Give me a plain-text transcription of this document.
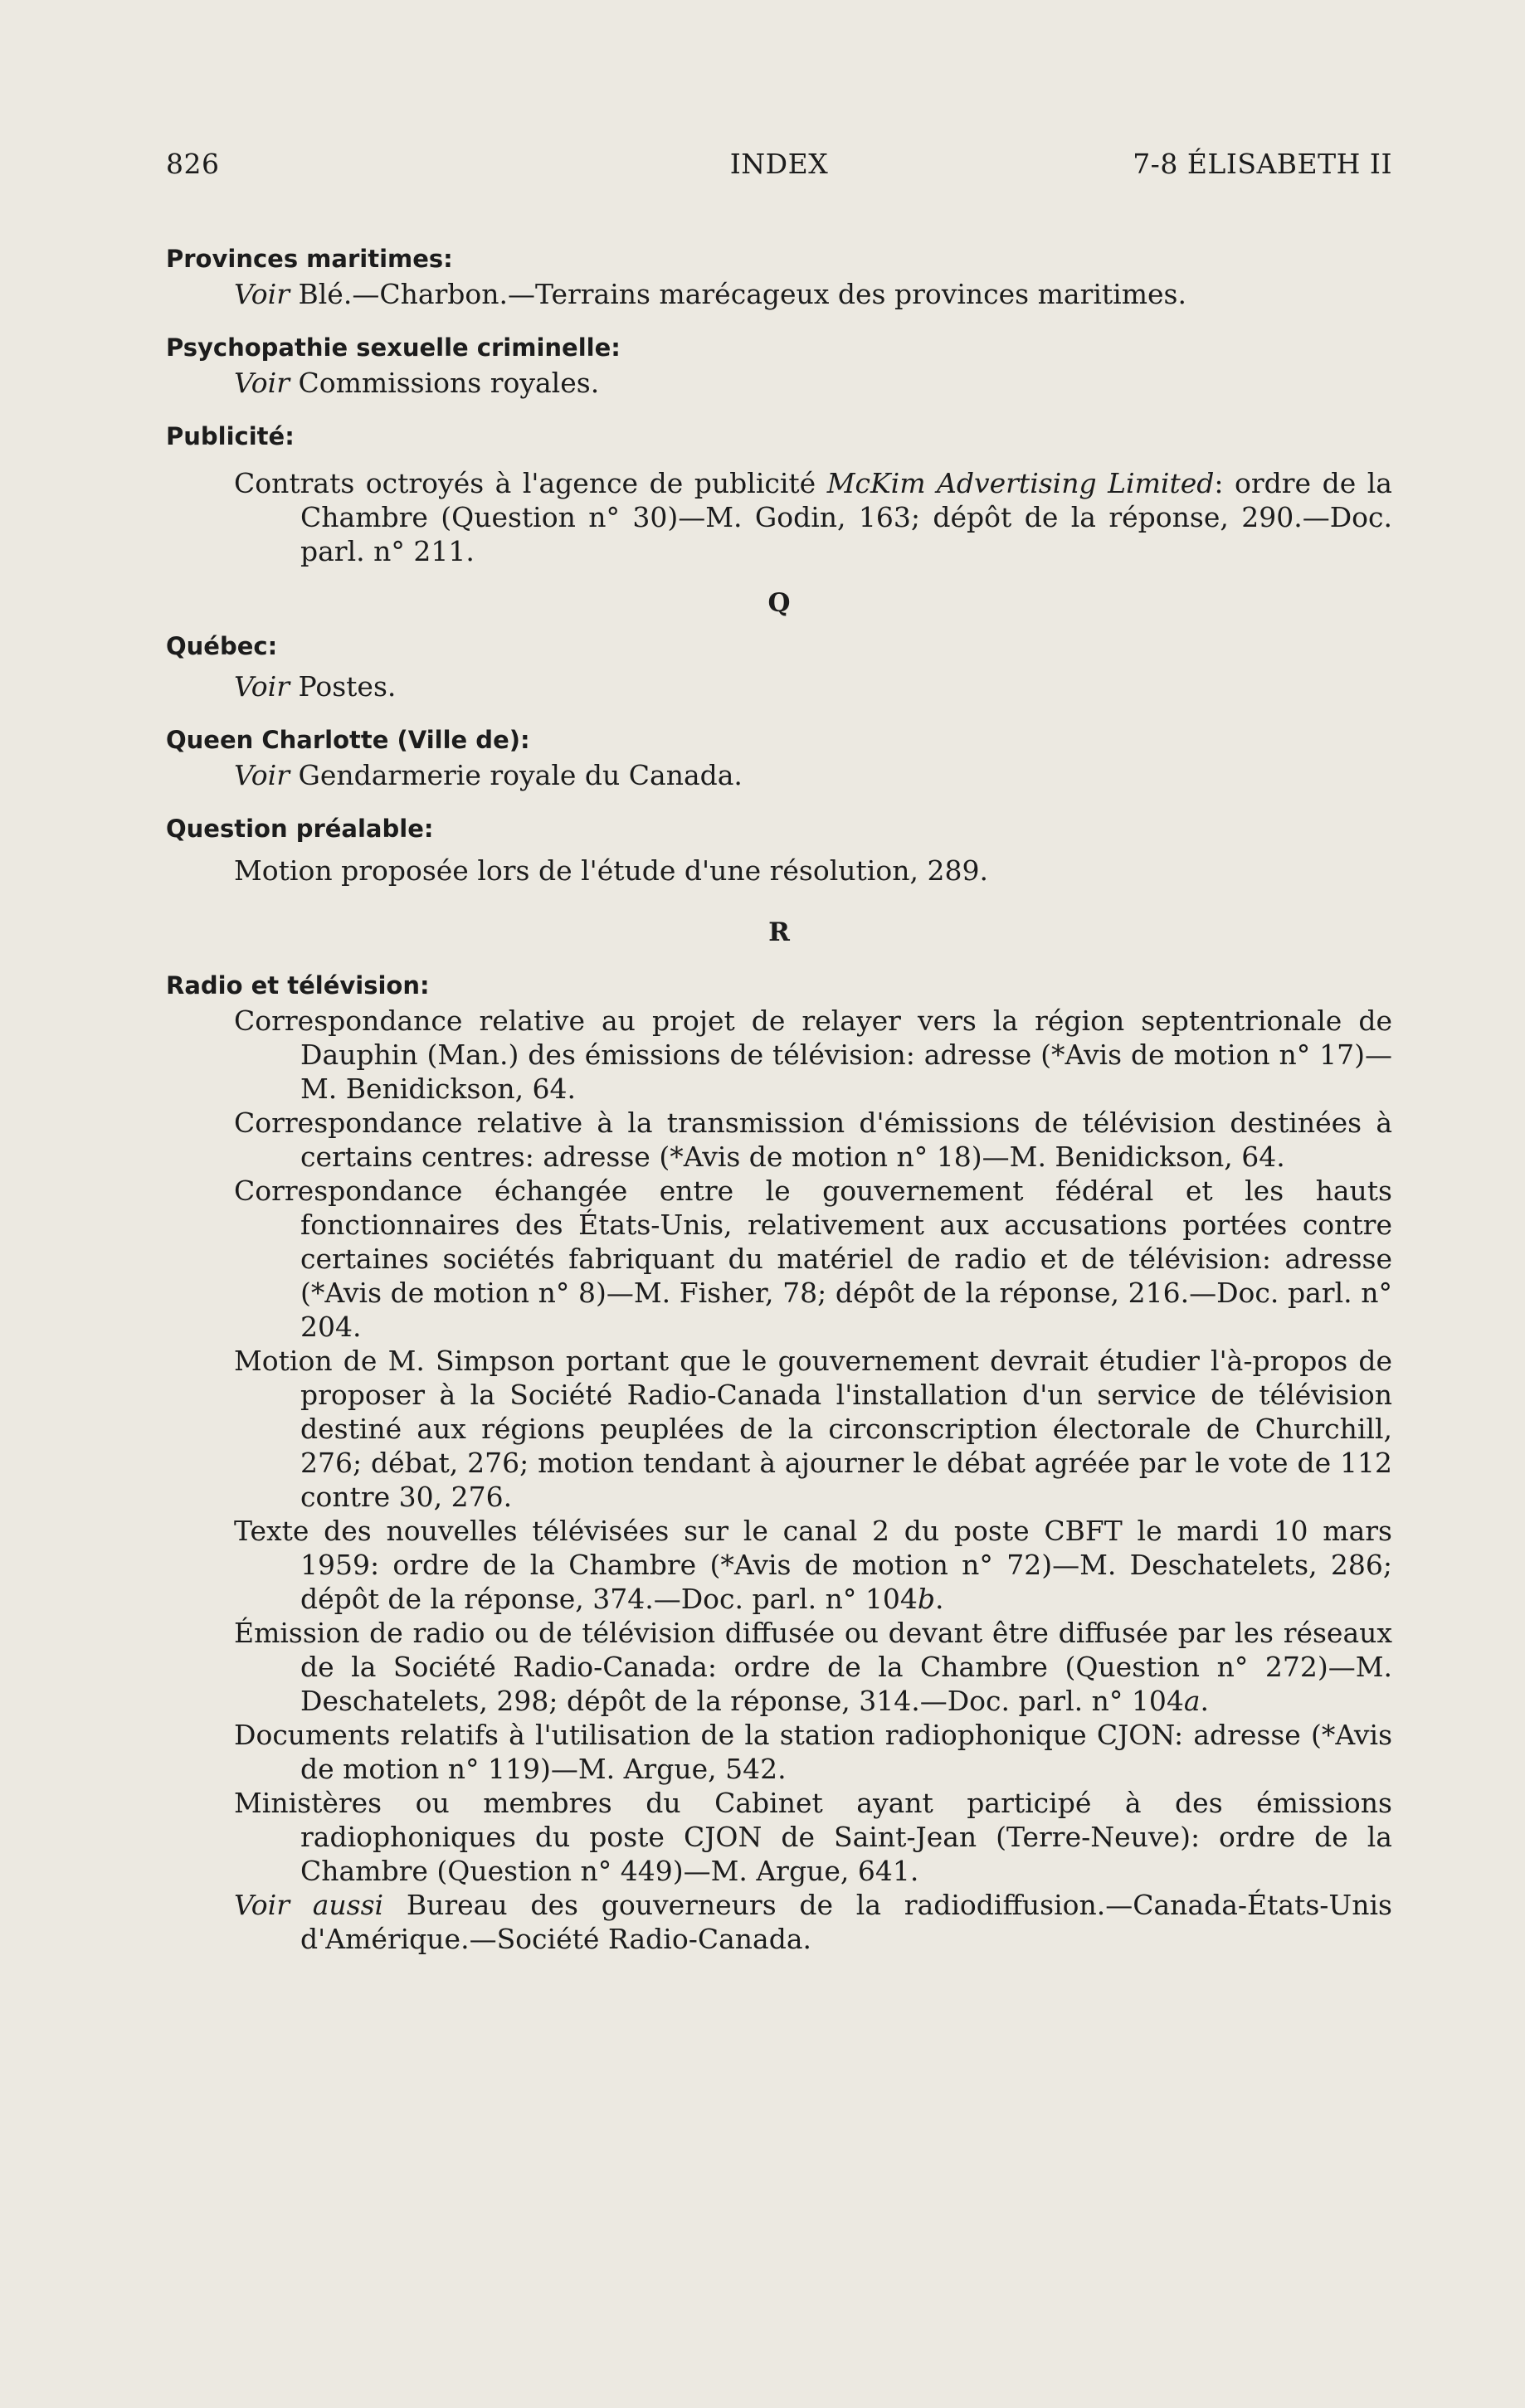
826	INDEX	7-8 ÉLISABETH II

Provinces maritimes:

Voir Blé.—Charbon.—Terrains marécageux des provinces maritimes.

Psychopathie sexuelle criminelle:

Voir Commissions royales.

Publicité:

Contrats octroyés à l'agence de publicité McKim Advertising Limited: ordre de la Chambre (Question n° 30)—M. Godin, 163; dépôt de la réponse, 290.—Doc. parl. n° 211.

Q

Québec:

Voir Postes.

Queen Charlotte (Ville de):

Voir Gendarmerie royale du Canada.

Question préalable:

Motion proposée lors de l'étude d'une résolution, 289.

R

Radio et télévision:

Correspondance relative au projet de relayer vers la région septentrionale de Dauphin (Man.) des émissions de télévision: adresse (*Avis de motion n° 17)—M. Benidickson, 64.

Correspondance relative à la transmission d'émissions de télévision destinées à certains centres: adresse (*Avis de motion n° 18)—M. Benidickson, 64.

Correspondance échangée entre le gouvernement fédéral et les hauts fonctionnaires des États-Unis, relativement aux accusations portées contre certaines sociétés fabriquant du matériel de radio et de télévision: adresse (*Avis de motion n° 8)—M. Fisher, 78; dépôt de la réponse, 216.—Doc. parl. n° 204.

Motion de M. Simpson portant que le gouvernement devrait étudier l'à-propos de proposer à la Société Radio-Canada l'installation d'un service de télévision destiné aux régions peuplées de la circonscription électorale de Churchill, 276; débat, 276; motion tendant à ajourner le débat agréée par le vote de 112 contre 30, 276.

Texte des nouvelles télévisées sur le canal 2 du poste CBFT le mardi 10 mars 1959: ordre de la Chambre (*Avis de motion n° 72)—M. Deschatelets, 286; dépôt de la réponse, 374.—Doc. parl. n° 104b.

Émission de radio ou de télévision diffusée ou devant être diffusée par les réseaux de la Société Radio-Canada: ordre de la Chambre (Question n° 272)—M. Deschatelets, 298; dépôt de la réponse, 314.—Doc. parl. n° 104a.

Documents relatifs à l'utilisation de la station radiophonique CJON: adresse (*Avis de motion n° 119)—M. Argue, 542.

Ministères ou membres du Cabinet ayant participé à des émissions radiophoniques du poste CJON de Saint-Jean (Terre-Neuve): ordre de la Chambre (Question n° 449)—M. Argue, 641.

Voir aussi Bureau des gouverneurs de la radiodiffusion.—Canada-États-Unis d'Amérique.—Société Radio-Canada.
